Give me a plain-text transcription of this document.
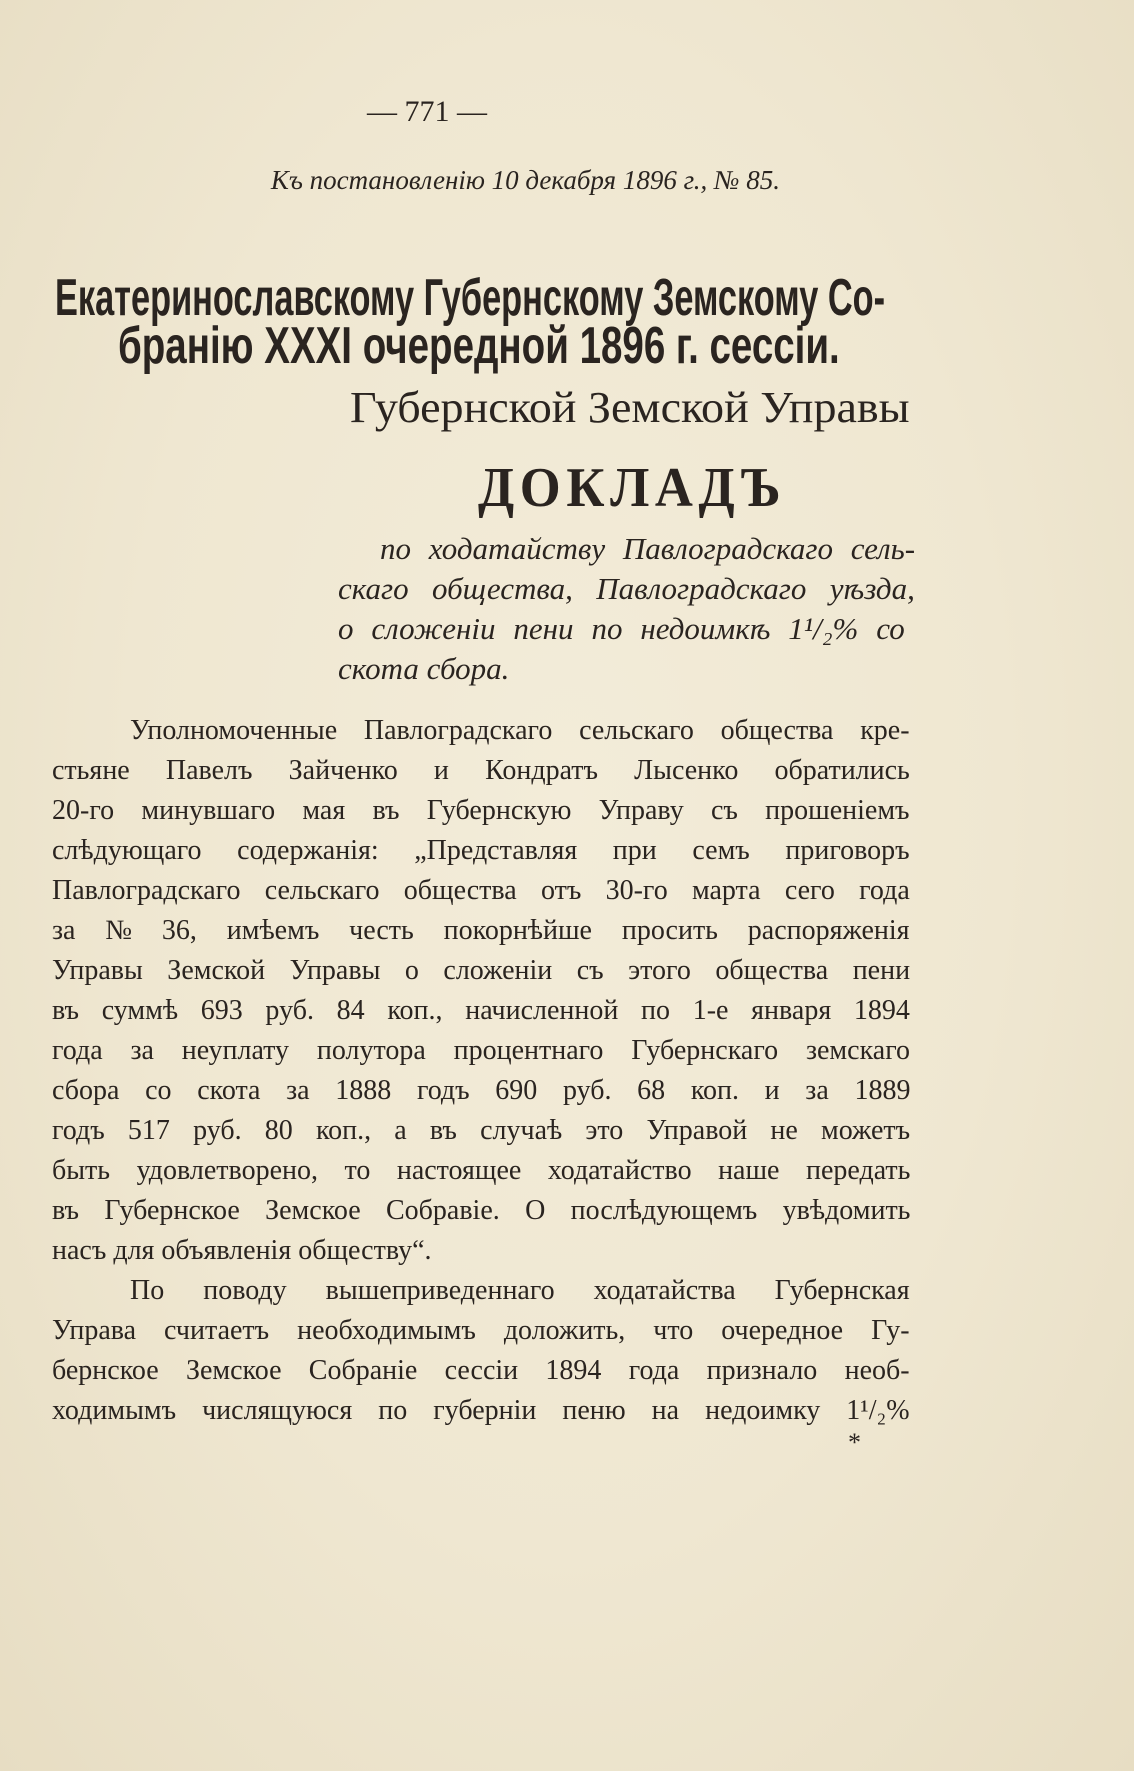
— 771 —
Къ постановленію 10 декабря 1896 г., № 85.
Екатеринославскому Губернскому Земскому Со-
бранію XXXI очередной 1896 г. сессіи.
Губернской Земской Управы
ДОКЛАДЪ
по ходатайству Павлоградскаго сель-
скаго общества, Павлоградскаго уѣзда,
о сложеніи пени по недоимкѣ 1¹/₂% со
скота сбора.
Уполномоченные Павлоградскаго сельскаго общества кре-
стьяне Павелъ Зайченко и Кондратъ Лысенко обратились
20-го минувшаго мая въ Губернскую Управу съ прошеніемъ
слѣдующаго содержанія: „Представляя при семъ приговоръ
Павлоградскаго сельскаго общества отъ 30-го марта сего года
за № 36, имѣемъ честь покорнѣйше просить распоряженія
Управы Земской Управы о сложеніи съ этого общества пени
въ суммѣ 693 руб. 84 коп., начисленной по 1-е января 1894
года за неуплату полутора процентнаго Губернскаго земскаго
сбора со скота за 1888 годъ 690 руб. 68 коп. и за 1889
годъ 517 руб. 80 коп., а въ случаѣ это Управой не можетъ
быть удовлетворено, то настоящее ходатайство наше передать
въ Губернское Земское Собравіе. О послѣдующемъ увѣдомить
насъ для объявленія обществу“.
По поводу вышеприведеннаго ходатайства Губернская
Управа считаетъ необходимымъ доложить, что очередное Гу-
бернское Земское Собраніе сессіи 1894 года признало необ-
ходимымъ числящуюся по губерніи пеню на недоимку 1¹/₂%
*
